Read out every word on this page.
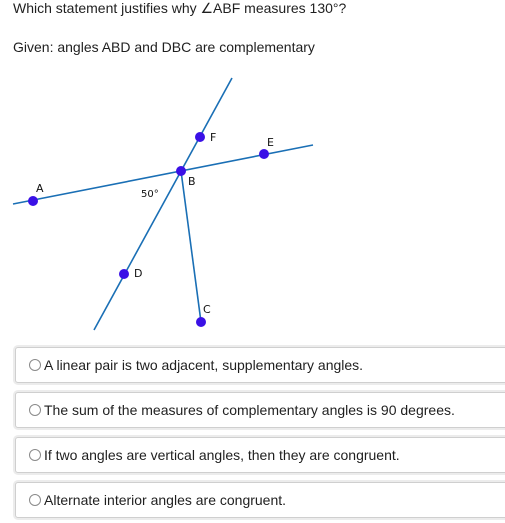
Which statement justifies why ∠ABF measures 130°?
Given: angles ABD and DBC are complementary
A
B
C
D
E
F
50°
A linear pair is two adjacent, supplementary angles.
The sum of the measures of complementary angles is 90 degrees.
If two angles are vertical angles, then they are congruent.
Alternate interior angles are congruent.
